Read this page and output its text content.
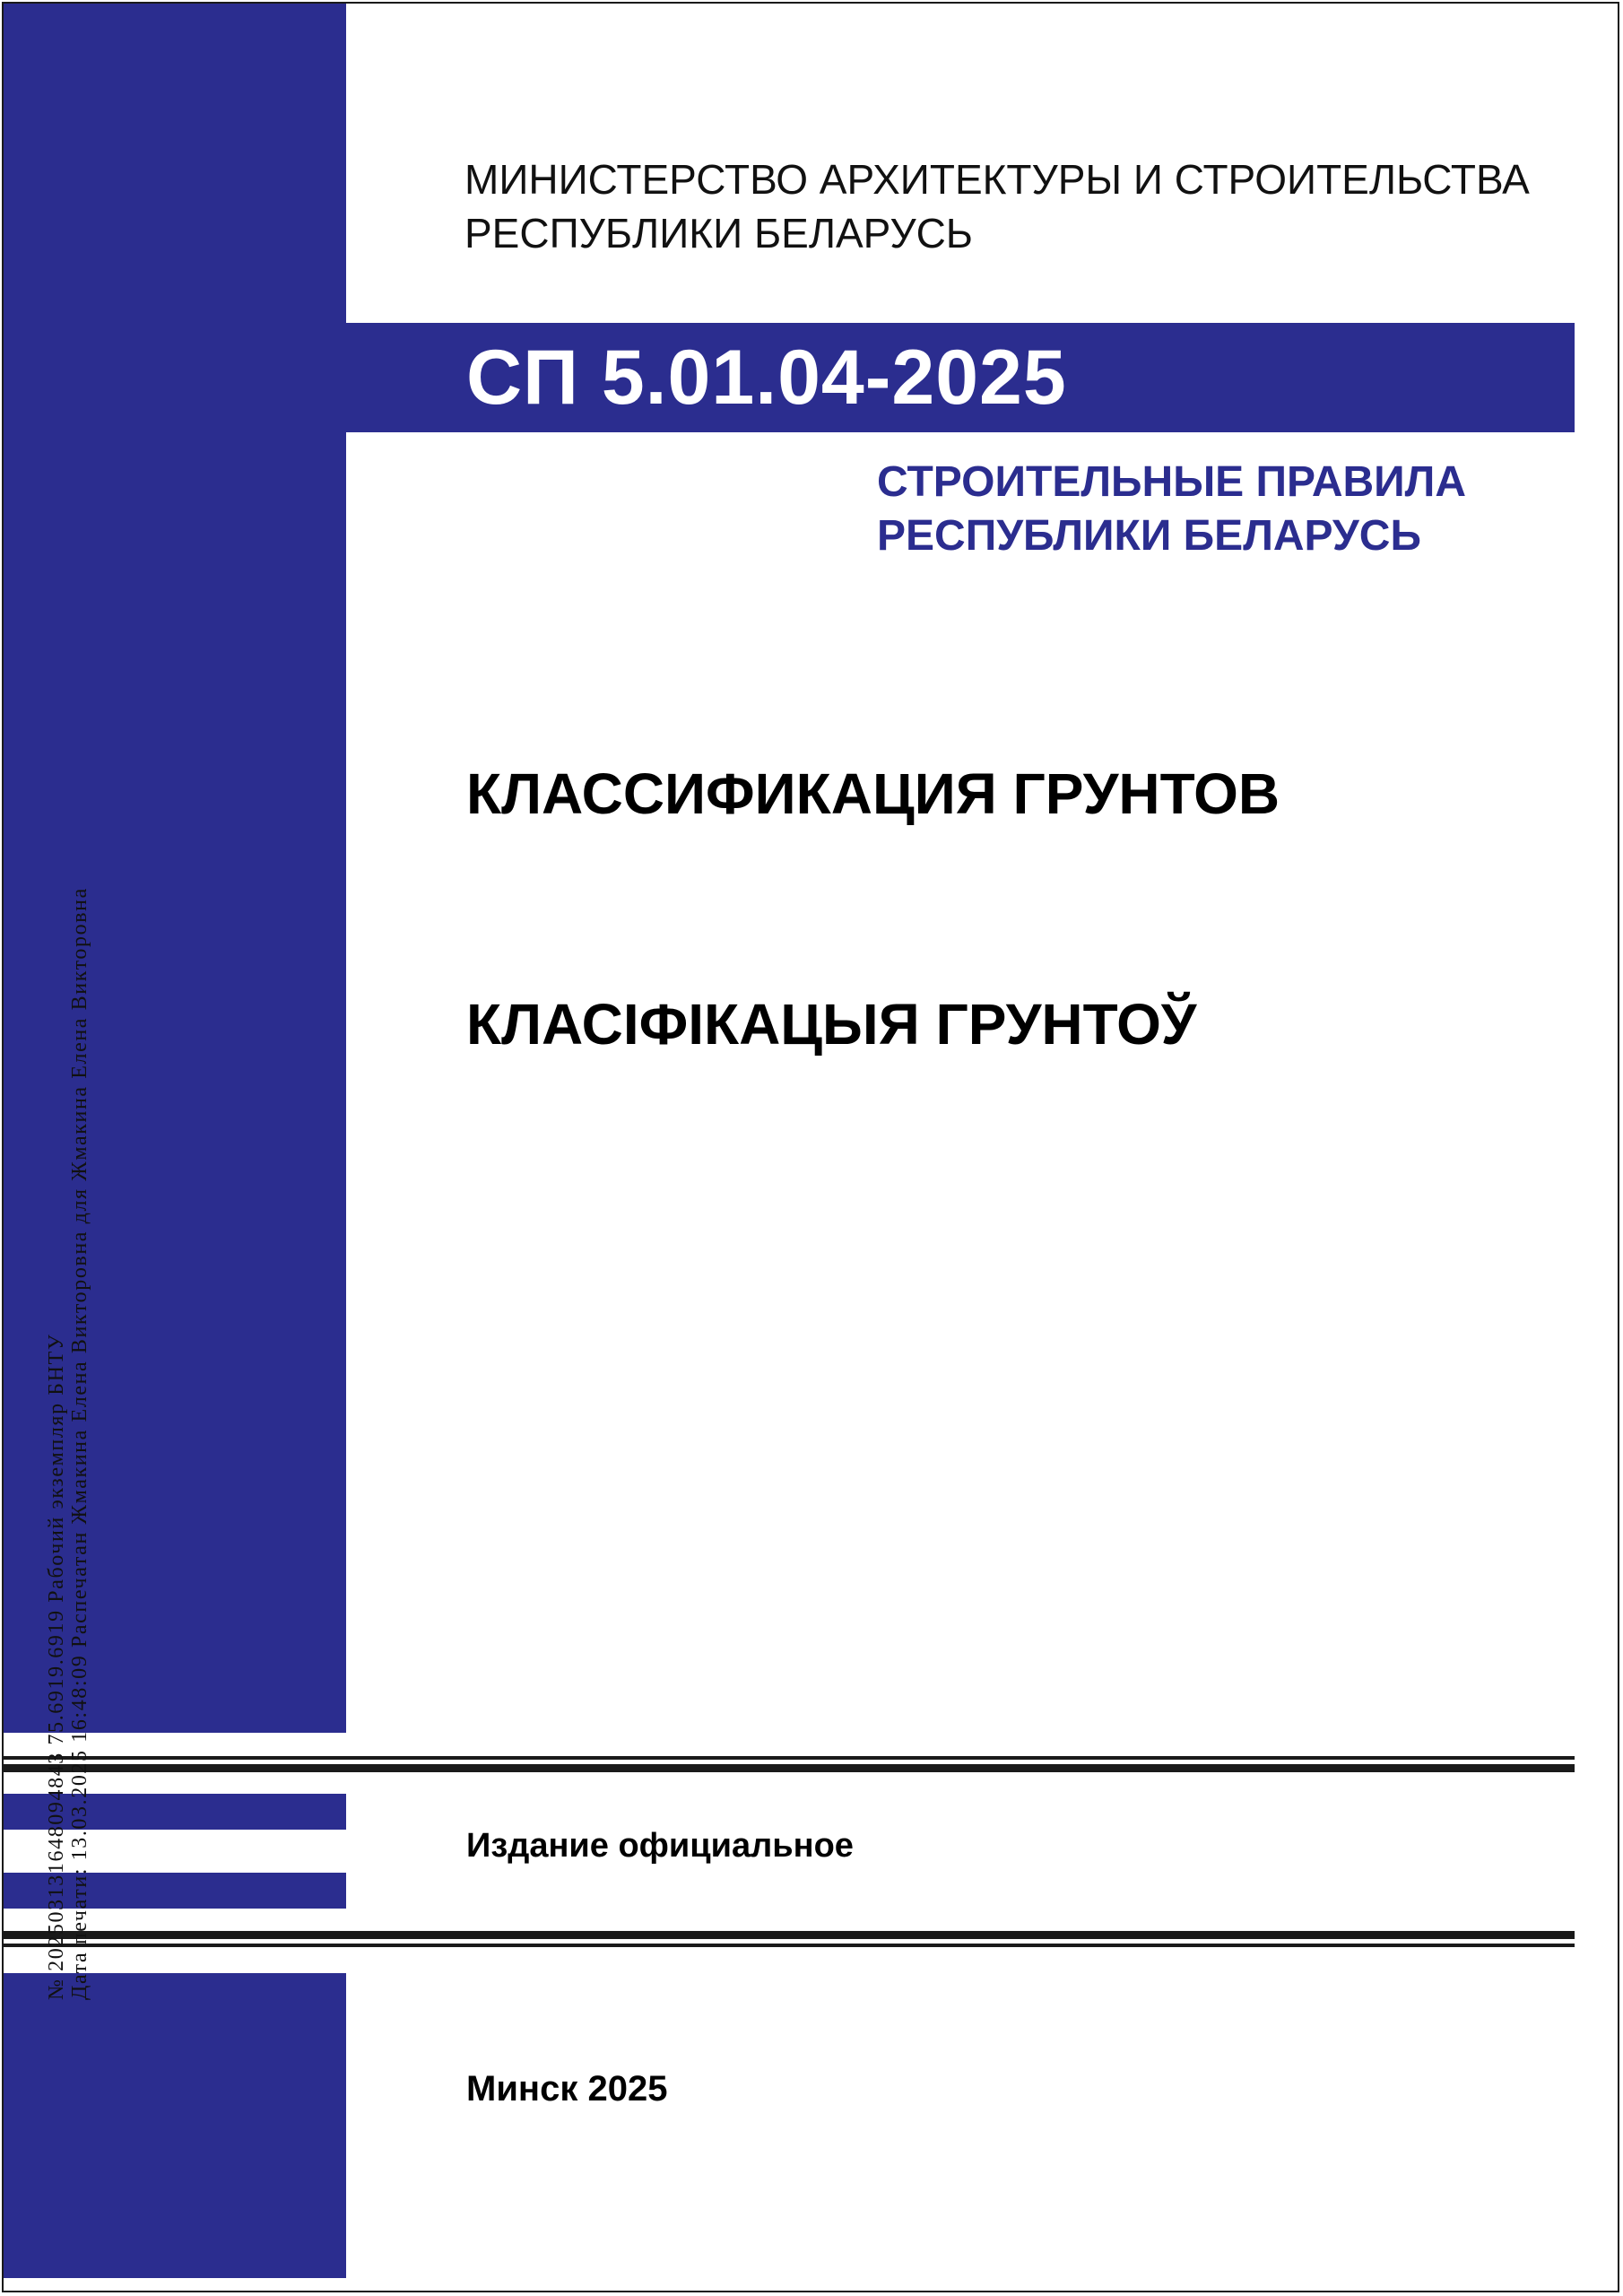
МИНИСТЕРСТВО АРХИТЕКТУРЫ И СТРОИТЕЛЬСТВА
РЕСПУБЛИКИ БЕЛАРУСЬ
СП 5.01.04-2025
СТРОИТЕЛЬНЫЕ ПРАВИЛА
РЕСПУБЛИКИ БЕЛАРУСЬ
КЛАССИФИКАЦИЯ ГРУНТОВ
КЛАСІФІКАЦЫЯ ГРУНТОЎ
Издание официальное
Минск 2025
№ 202503131648094843 75.6919.6919 Рабочий экземпляр БНТУ Дата печати: 13.03.2025 16:48:09 Распечатан Жмакина Елена Викторовна для Жмакина Елена Викторовна
